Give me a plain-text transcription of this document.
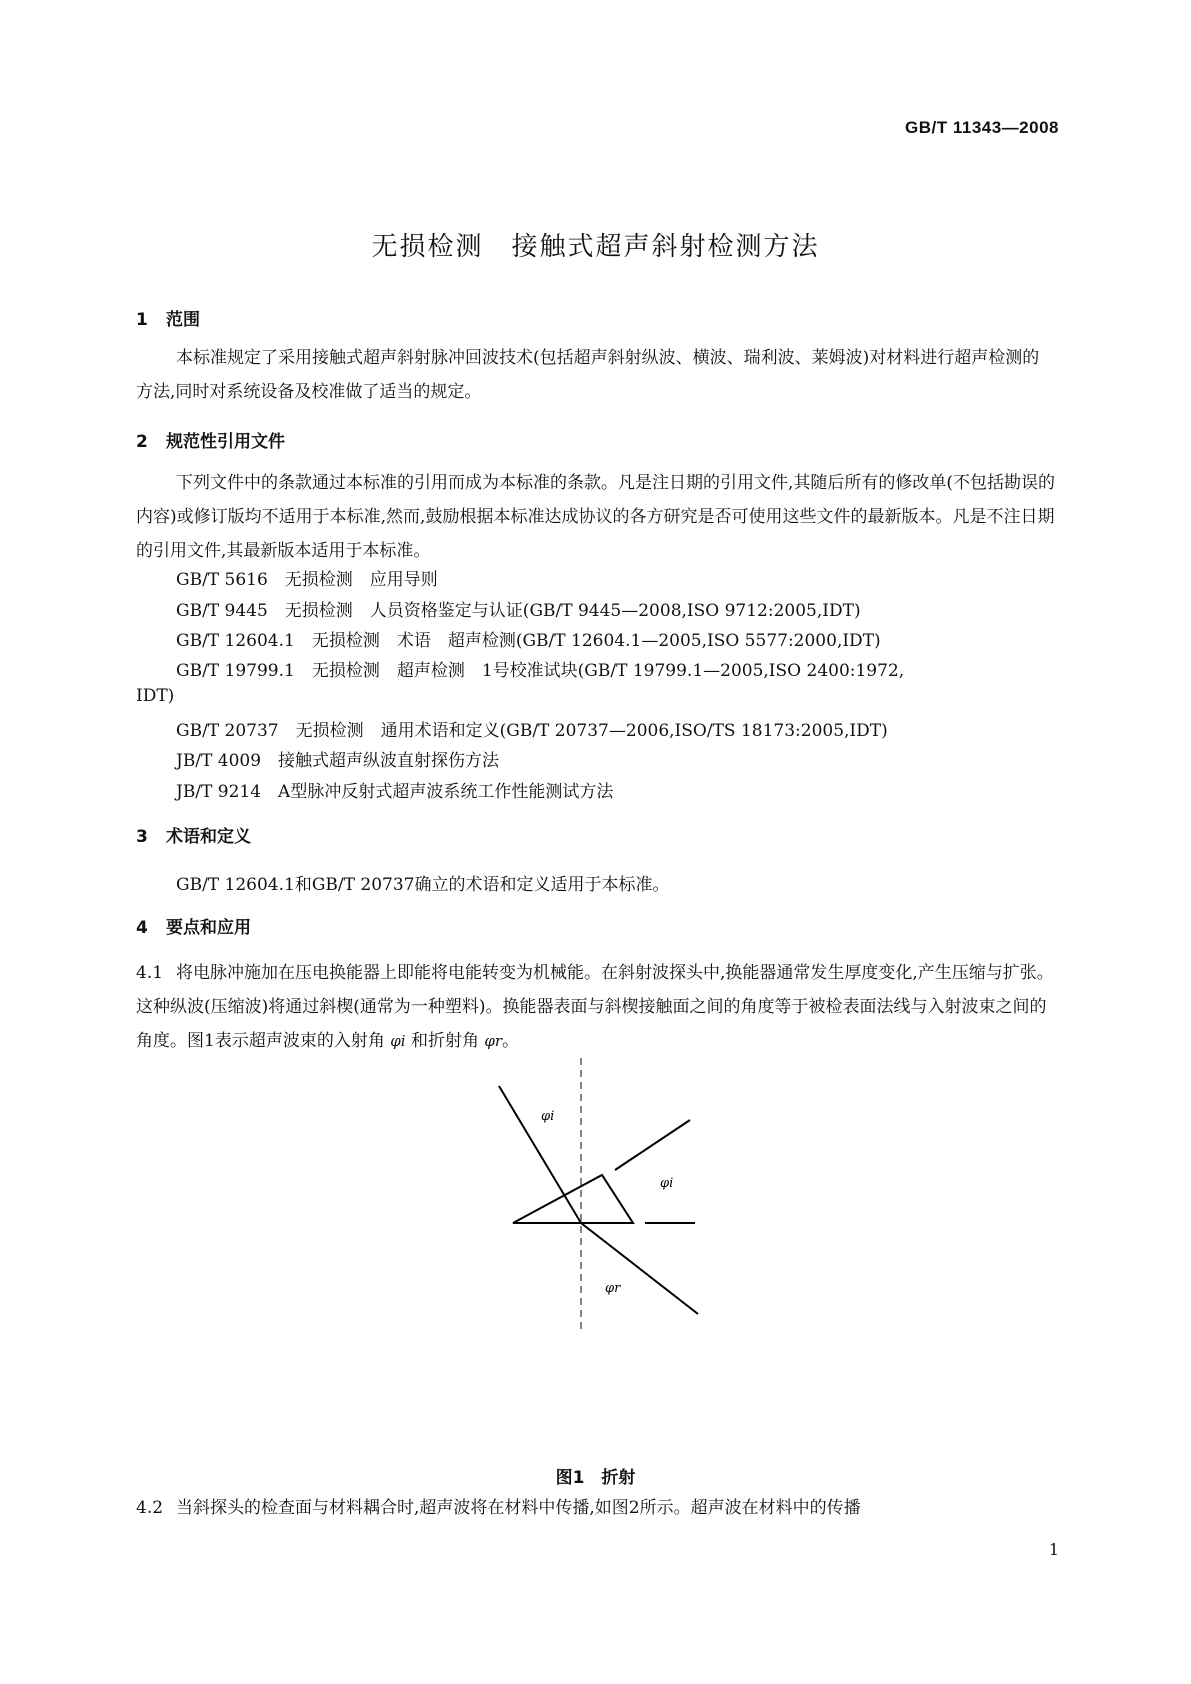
GB/T 11343—2008
无损检测　接触式超声斜射检测方法
1 范围
本标准规定了采用接触式超声斜射脉冲回波技术(包括超声斜射纵波、横波、瑞利波、莱姆波)对材料进行超声检测的方法,同时对系统设备及校准做了适当的规定。
2 规范性引用文件
下列文件中的条款通过本标准的引用而成为本标准的条款。凡是注日期的引用文件,其随后所有的修改单(不包括勘误的内容)或修订版均不适用于本标准,然而,鼓励根据本标准达成协议的各方研究是否可使用这些文件的最新版本。凡是不注日期的引用文件,其最新版本适用于本标准。
GB/T 5616　无损检测　应用导则
GB/T 9445　无损检测　人员资格鉴定与认证(GB/T 9445—2008,ISO 9712:2005,IDT)
GB/T 12604.1　无损检测　术语　超声检测(GB/T 12604.1—2005,ISO 5577:2000,IDT)
GB/T 19799.1　无损检测　超声检测　1号校准试块(GB/T 19799.1—2005,ISO 2400:1972,
IDT)
GB/T 20737　无损检测　通用术语和定义(GB/T 20737—2006,ISO/TS 18173:2005,IDT)
JB/T 4009　接触式超声纵波直射探伤方法
JB/T 9214　A型脉冲反射式超声波系统工作性能测试方法
3 术语和定义
GB/T 12604.1和GB/T 20737确立的术语和定义适用于本标准。
4 要点和应用
4.1 将电脉冲施加在压电换能器上即能将电能转变为机械能。在斜射波探头中,换能器通常发生厚度变化,产生压缩与扩张。这种纵波(压缩波)将通过斜楔(通常为一种塑料)。换能器表面与斜楔接触面之间的角度等于被检表面法线与入射波束之间的角度。图1表示超声波束的入射角 φi 和折射角 φr。
φi
φi
φr
图1　折射
4.2 当斜探头的检查面与材料耦合时,超声波将在材料中传播,如图2所示。超声波在材料中的传播
1
